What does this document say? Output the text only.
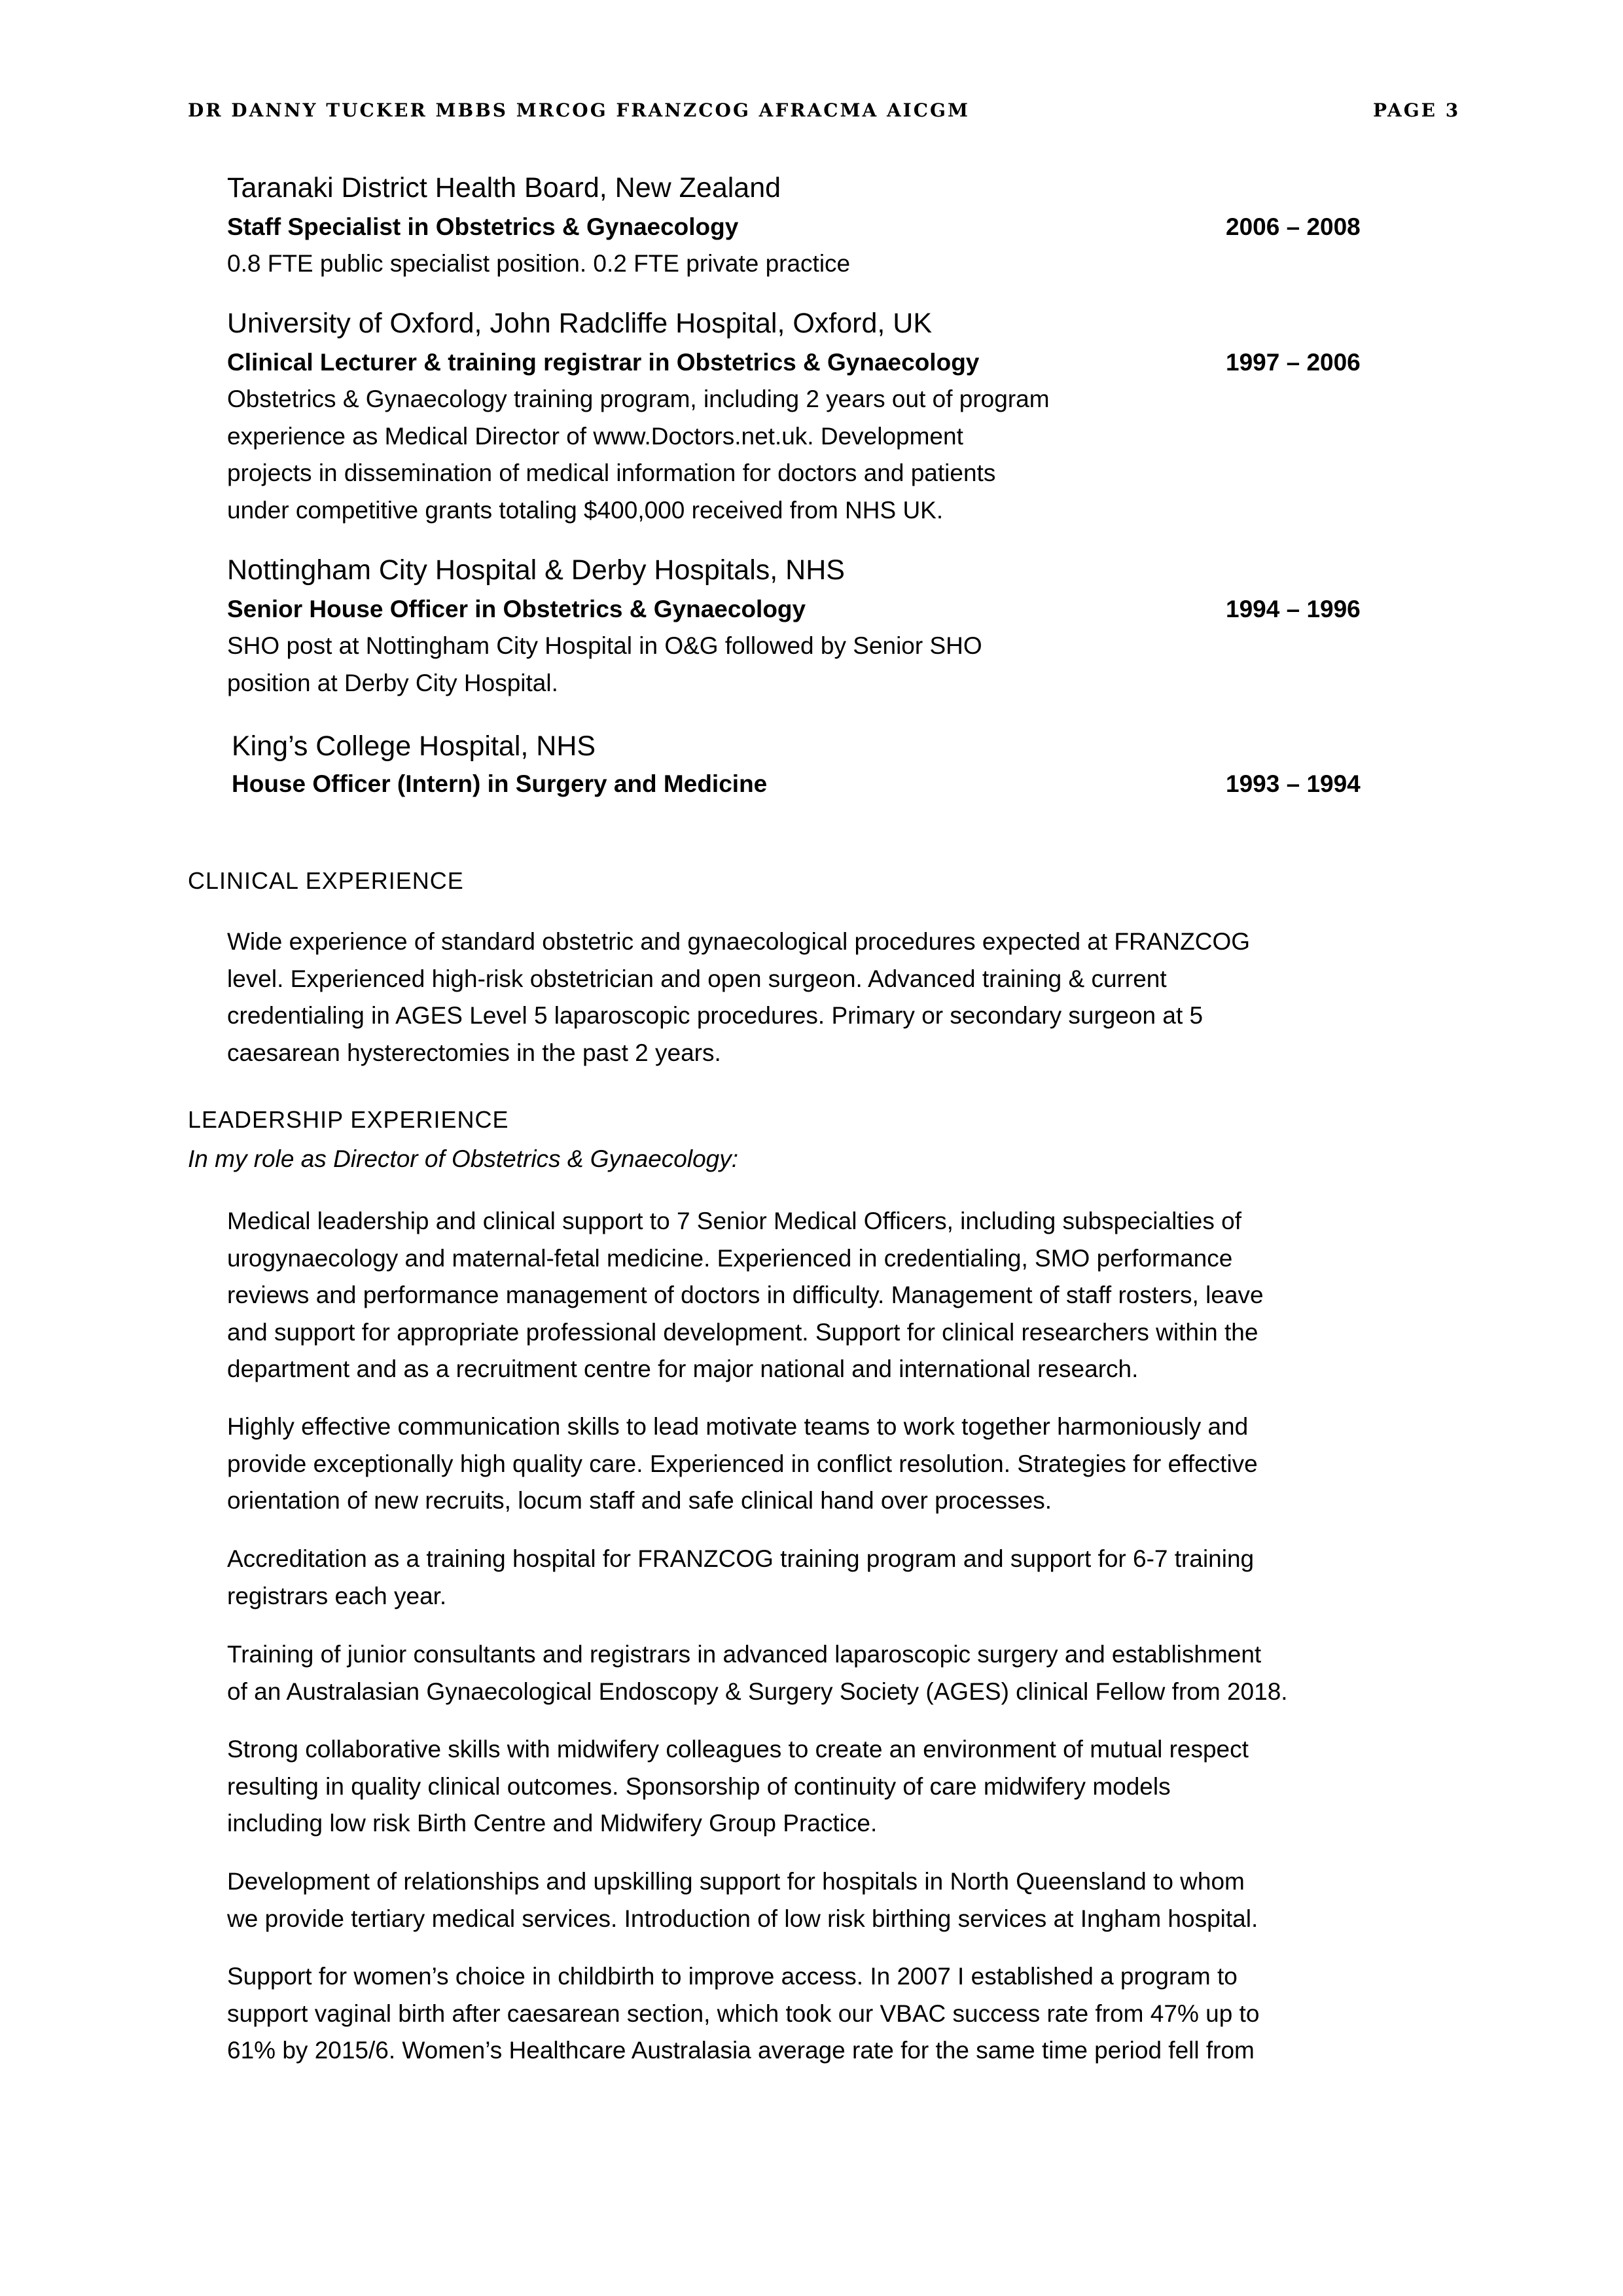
DR DANNY TUCKER MBBS MRCOG FRANZCOG AFRACMA AICGM	PAGE 3
Taranaki District Health Board, New Zealand
Staff Specialist in Obstetrics & Gynaecology	2006 – 2008
0.8 FTE public specialist position. 0.2 FTE private practice
University of Oxford, John Radcliffe Hospital, Oxford, UK
Clinical Lecturer & training registrar in Obstetrics & Gynaecology	1997 – 2006
Obstetrics & Gynaecology training program, including 2 years out of program
experience as Medical Director of www.Doctors.net.uk. Development
projects in dissemination of medical information for doctors and patients
under competitive grants totaling $400,000 received from NHS UK.
Nottingham City Hospital & Derby Hospitals, NHS
Senior House Officer in Obstetrics & Gynaecology	1994 – 1996
SHO post at Nottingham City Hospital in O&G followed by Senior SHO
position at Derby City Hospital.
King’s College Hospital, NHS
House Officer (Intern) in Surgery and Medicine	1993 – 1994
CLINICAL EXPERIENCE
Wide experience of standard obstetric and gynaecological procedures expected at FRANZCOG
level. Experienced high-risk obstetrician and open surgeon. Advanced training & current
credentialing in AGES Level 5 laparoscopic procedures. Primary or secondary surgeon at 5
caesarean hysterectomies in the past 2 years.
LEADERSHIP EXPERIENCE
In my role as Director of Obstetrics & Gynaecology:
Medical leadership and clinical support to 7 Senior Medical Officers, including subspecialties of
urogynaecology and maternal-fetal medicine. Experienced in credentialing, SMO performance
reviews and performance management of doctors in difficulty. Management of staff rosters, leave
and support for appropriate professional development. Support for clinical researchers within the
department and as a recruitment centre for major national and international research.
Highly effective communication skills to lead motivate teams to work together harmoniously and
provide exceptionally high quality care. Experienced in conflict resolution. Strategies for effective
orientation of new recruits, locum staff and safe clinical hand over processes.
Accreditation as a training hospital for FRANZCOG training program and support for 6-7 training
registrars each year.
Training of junior consultants and registrars in advanced laparoscopic surgery and establishment
of an Australasian Gynaecological Endoscopy & Surgery Society (AGES) clinical Fellow from 2018.
Strong collaborative skills with midwifery colleagues to create an environment of mutual respect
resulting in quality clinical outcomes. Sponsorship of continuity of care midwifery models
including low risk Birth Centre and Midwifery Group Practice.
Development of relationships and upskilling support for hospitals in North Queensland to whom
we provide tertiary medical services. Introduction of low risk birthing services at Ingham hospital.
Support for women’s choice in childbirth to improve access. In 2007 I established a program to
support vaginal birth after caesarean section, which took our VBAC success rate from 47% up to
61% by 2015/6. Women’s Healthcare Australasia average rate for the same time period fell from
